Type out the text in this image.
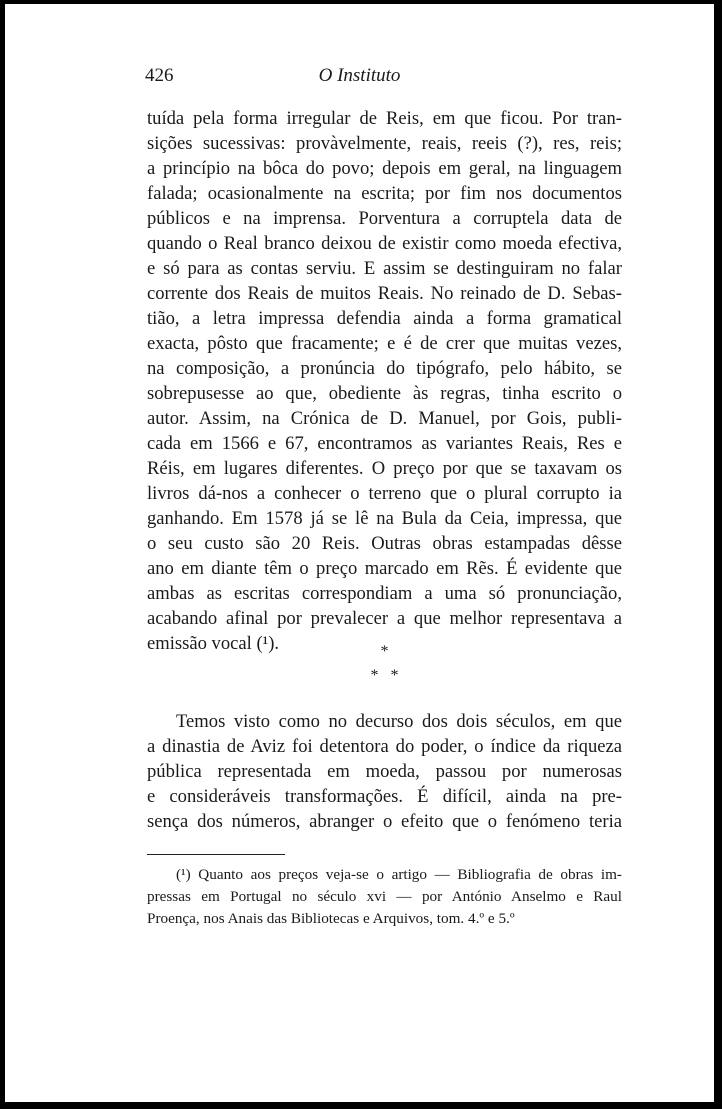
426	O Instituto
tuída pela forma irregular de Reis, em que ficou. Por tran-
sições sucessivas: provàvelmente, reais, reeis (?), res, reis;
a princípio na bôca do povo; depois em geral, na linguagem
falada; ocasionalmente na escrita; por fim nos documentos
públicos e na imprensa. Porventura a corruptela data de
quando o Real branco deixou de existir como moeda efectiva,
e só para as contas serviu. E assim se destinguiram no falar
corrente dos Reais de muitos Reais. No reinado de D. Sebas-
tião, a letra impressa defendia ainda a forma gramatical
exacta, pôsto que fracamente; e é de crer que muitas vezes,
na composição, a pronúncia do tipógrafo, pelo hábito, se
sobrepusesse ao que, obediente às regras, tinha escrito o
autor. Assim, na Crónica de D. Manuel, por Gois, publi-
cada em 1566 e 67, encontramos as variantes Reais, Res e
Réis, em lugares diferentes. O preço por que se taxavam os
livros dá-nos a conhecer o terreno que o plural corrupto ia
ganhando. Em 1578 já se lê na Bula da Ceia, impressa, que
o seu custo são 20 Reis. Outras obras estampadas dêsse
ano em diante têm o preço marcado em Rẽs. É evidente que
ambas as escritas correspondiam a uma só pronunciação,
acabando afinal por prevalecer a que melhor representava a
emissão vocal (¹).	*
*   *
Temos visto como no decurso dos dois séculos, em que
a dinastia de Aviz foi detentora do poder, o índice da riqueza
pública representada em moeda, passou por numerosas
e consideráveis transformações. É difícil, ainda na pre-
sença dos números, abranger o efeito que o fenómeno teria
(¹) Quanto aos preços veja-se o artigo — Bibliografia de obras im-
pressas em Portugal no século xvi — por António Anselmo e Raul
Proença, nos Anais das Bibliotecas e Arquivos, tom. 4.º e 5.º
